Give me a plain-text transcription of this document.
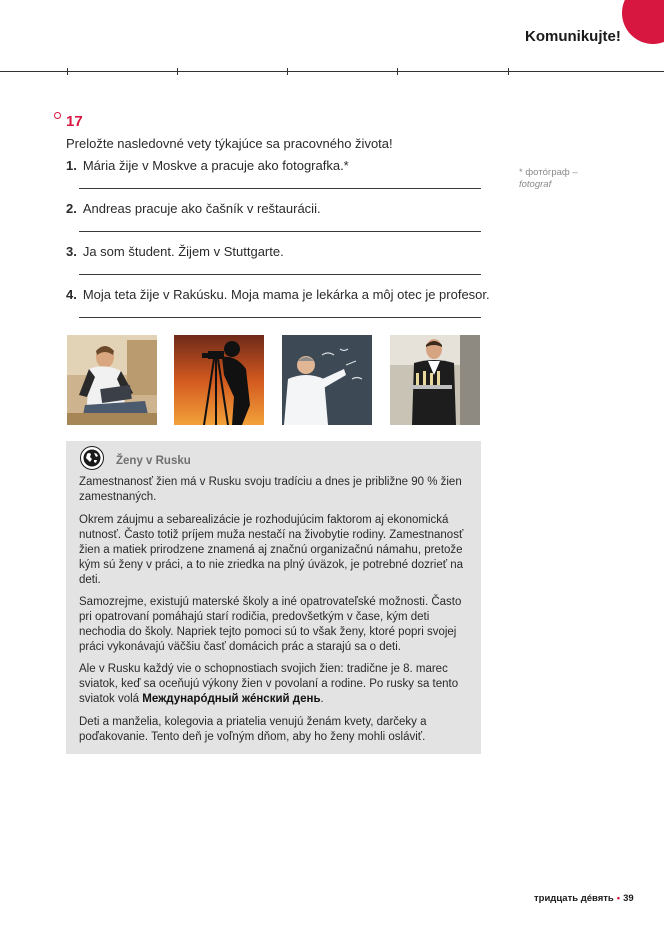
Komunikujte!
17
Preložte nasledovné vety týkajúce sa pracovného života!
1. Mária žije v Moskve a pracuje ako fotografka.*
2. Andreas pracuje ako čašník v reštaurácii.
3. Ja som študent. Žijem v Stuttgarte.
4. Moja teta žije v Rakúsku. Moja mama je lekárka a môj otec je profesor.
* фотóграф –
fotograf
Ženy v Rusku

Zamestnanosť žien má v Rusku svoju tradíciu a dnes je približne 90 % žien zamestnaných.

Okrem záujmu a sebarealizácie je rozhodujúcim faktorom aj ekonomická nutnosť. Často totiž príjem muža nestačí na živobytie rodiny. Zamestnanosť žien a matiek prirodzene znamená aj značnú organizačnú námahu, pretože kým sú ženy v práci, a to nie zriedka na plný úväzok, je potrebné dozrieť na deti.

Samozrejme, existujú materské školy a iné opatrovateľské možnosti. Často pri opatrovaní pomáhajú starí rodičia, predovšetkým v čase, kým deti nechodia do školy. Napriek tejto pomoci sú to však ženy, ktoré popri svojej práci vykonávajú väčšiu časť domácich prác a starajú sa o deti.

Ale v Rusku každý vie o schopnostiach svojich žien: tradične je 8. marec sviatok, keď sa oceňujú výkony žien v povolaní a rodine. Po rusky sa tento sviatok volá Междунарóдный жéнский день.

Deti a manželia, kolegovia a priatelia venujú ženám kvety, darčeky a poďakovanie. Tento deň je voľným dňom, aby ho ženy mohli osláviť.

тридцать дéвять • 39
